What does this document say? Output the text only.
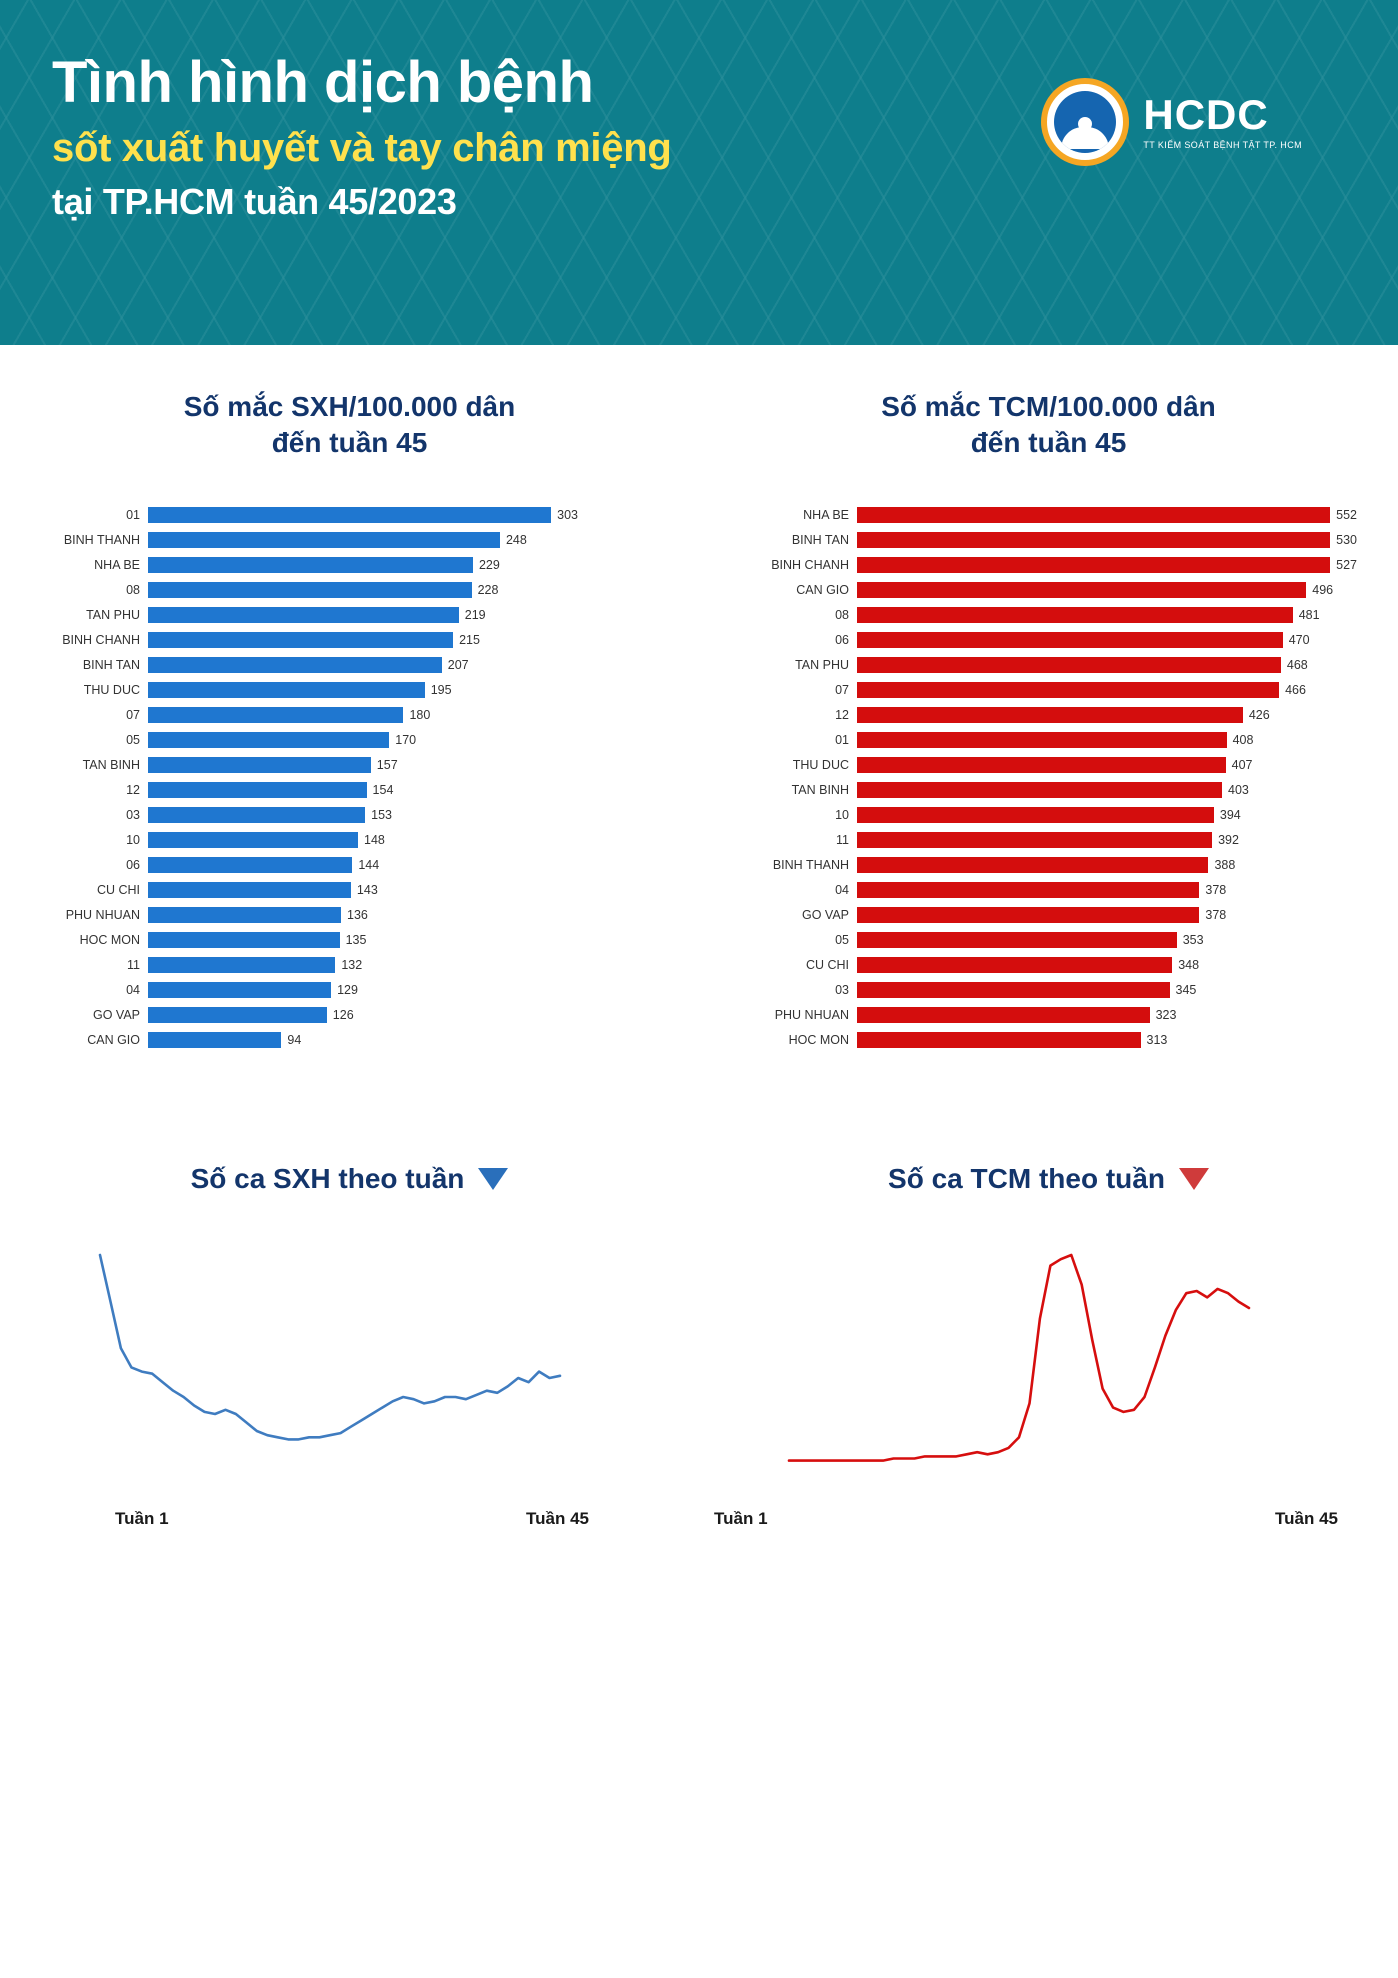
Tình hình dịch bệnh
sốt xuất huyết và tay chân miệng
tại TP.HCM tuần 45/2023
HCDC
TT KIỂM SOÁT BỆNH TẬT TP. HCM
Số mắc SXH/100.000 dân
đến tuần 45
01	303
BINH THANH	248
NHA BE	229
08	228
TAN PHU	219
BINH CHANH	215
BINH TAN	207
THU DUC	195
07	180
05	170
TAN BINH	157
12	154
03	153
10	148
06	144
CU CHI	143
PHU NHUAN	136
HOC MON	135
11	132
04	129
GO VAP	126
CAN GIO	94
Số mắc TCM/100.000 dân
đến tuần 45
NHA BE	552
BINH TAN	530
BINH CHANH	527
CAN GIO	496
08	481
06	470
TAN PHU	468
07	466
12	426
01	408
THU DUC	407
TAN BINH	403
10	394
11	392
BINH THANH	388
04	378
GO VAP	378
05	353
CU CHI	348
03	345
PHU NHUAN	323
HOC MON	313
Số ca SXH theo tuần
Tuần 1	Tuần 45
Số ca TCM theo tuần
Tuần 1	Tuần 45
